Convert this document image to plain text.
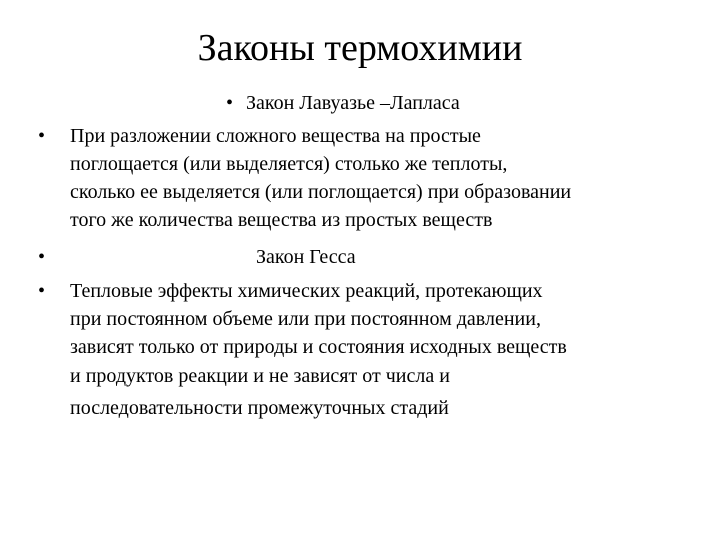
Законы термохимии
• Закон Лавуазье –Лапласа
• При разложении сложного вещества на простые
поглощается (или выделяется) столько же теплоты,
сколько ее выделяется (или поглощается) при образовании
того же количества вещества из простых веществ
•	Закон Гесса
• Тепловые эффекты химических реакций, протекающих
при постоянном объеме или при постоянном давлении,
зависят только от природы и состояния исходных веществ
и продуктов реакции и не зависят от числа и
последовательности промежуточных стадий
